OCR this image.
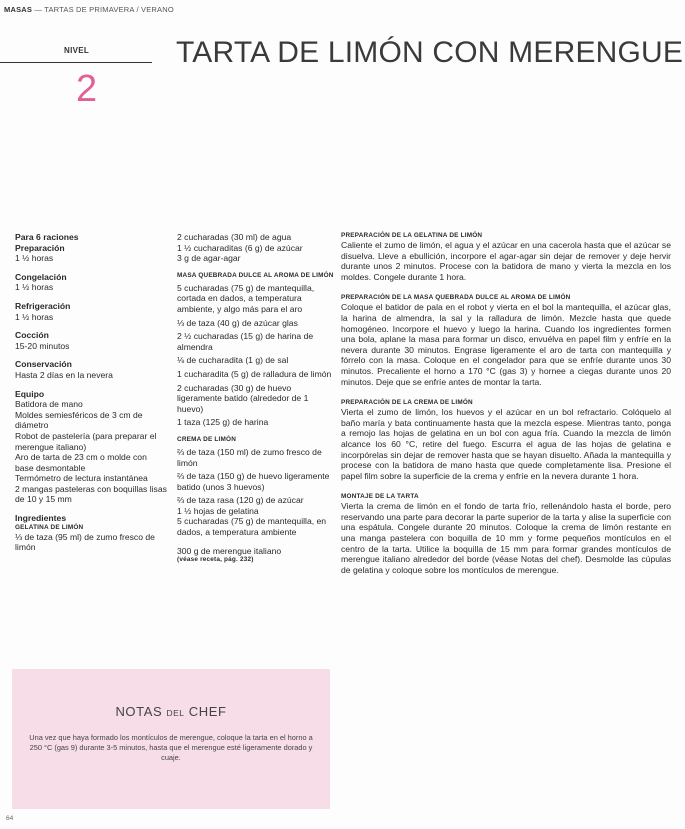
MASAS — TARTAS DE PRIMAVERA / VERANO
NIVEL
2
TARTA DE LIMÓN CON MERENGUE

Para 6 raciones

Preparación

1 ½ horas

Congelación

1 ½ horas

Refrigeración

1 ½ horas

Cocción

15-20 minutos

Conservación

Hasta 2 días en la nevera

Equipo

Batidora de mano

Moldes semiesféricos de 3 cm de diámetro

Robot de pastelería (para preparar el merengue italiano)

Aro de tarta de 23 cm o molde con base desmontable

Termómetro de lectura instantánea

2 mangas pasteleras con boquillas lisas de 10 y 15 mm

Ingredientes

GELATINA DE LIMÓN

⅓ de taza (95 ml) de zumo fresco de limón

2 cucharadas (30 ml) de agua

1 ½ cucharaditas (6 g) de azúcar

3 g de agar-agar

MASA QUEBRADA DULCE AL AROMA DE LIMÓN

5 cucharadas (75 g) de mantequilla, cortada en dados, a temperatura ambiente, y algo más para el aro

⅓ de taza (40 g) de azúcar glas

2 ½ cucharadas (15 g) de harina de almendra

⅛ de cucharadita (1 g) de sal

1 cucharadita (5 g) de ralladura de limón

2 cucharadas (30 g) de huevo ligeramente batido (alrededor de 1 huevo)

1 taza (125 g) de harina

CREMA DE LIMÓN

⅔ de taza (150 ml) de zumo fresco de limón

⅔ de taza (150 g) de huevo ligeramente batido (unos 3 huevos)

⅔ de taza rasa (120 g) de azúcar

1 ½ hojas de gelatina

5 cucharadas (75 g) de mantequilla, en dados, a temperatura ambiente

300 g de merengue italiano

(véase receta, pág. 232)

PREPARACIÓN DE LA GELATINA DE LIMÓN

Caliente el zumo de limón, el agua y el azúcar en una cacerola hasta que el azúcar se disuelva. Lleve a ebullición, incorpore el agar-agar sin dejar de remover y deje hervir durante unos 2 minutos. Procese con la batidora de mano y vierta la mezcla en los moldes. Congele durante 1 hora.

PREPARACIÓN DE LA MASA QUEBRADA DULCE AL AROMA DE LIMÓN

Coloque el batidor de pala en el robot y vierta en el bol la mantequilla, el azúcar glas, la harina de almendra, la sal y la ralladura de limón. Mezcle hasta que quede homogéneo. Incorpore el huevo y luego la harina. Cuando los ingredientes formen una bola, aplane la masa para formar un disco, envuélva en papel film y enfríe en la nevera durante 30 minutos. Engrase ligeramente el aro de tarta con mantequilla y fórrelo con la masa. Coloque en el congelador para que se enfríe durante unos 30 minutos. Precaliente el horno a 170 °C (gas 3) y hornee a ciegas durante unos 20 minutos. Deje que se enfríe antes de montar la tarta.

PREPARACIÓN DE LA CREMA DE LIMÓN

Vierta el zumo de limón, los huevos y el azúcar en un bol refractario. Colóquelo al baño maría y bata continuamente hasta que la mezcla espese. Mientras tanto, ponga a remojo las hojas de gelatina en un bol con agua fría. Cuando la mezcla de limón alcance los 60 °C, retire del fuego. Escurra el agua de las hojas de gelatina e incorpórelas sin dejar de remover hasta que se hayan disuelto. Añada la mantequilla y procese con la batidora de mano hasta que quede completamente lisa. Presione el papel film sobre la superficie de la crema y enfríe en la nevera durante 1 hora.

MONTAJE DE LA TARTA

Vierta la crema de limón en el fondo de tarta frío, rellenándolo hasta el borde, pero reservando una parte para decorar la parte superior de la tarta y alise la superficie con una espátula. Congele durante 20 minutos. Coloque la crema de limón restante en una manga pastelera con boquilla de 10 mm y forme pequeños montículos en el centro de la tarta. Utilice la boquilla de 15 mm para formar grandes montículos de merengue italiano alrededor del borde (véase Notas del chef). Desmolde las cúpulas de gelatina y coloque sobre los montículos de merengue.

NOTAS DEL CHEF
Una vez que haya formado los montículos de merengue, coloque la tarta en el horno a 250 °C (gas 9) durante 3-5 minutos, hasta que el merengue esté ligeramente dorado y cuaje.
64
